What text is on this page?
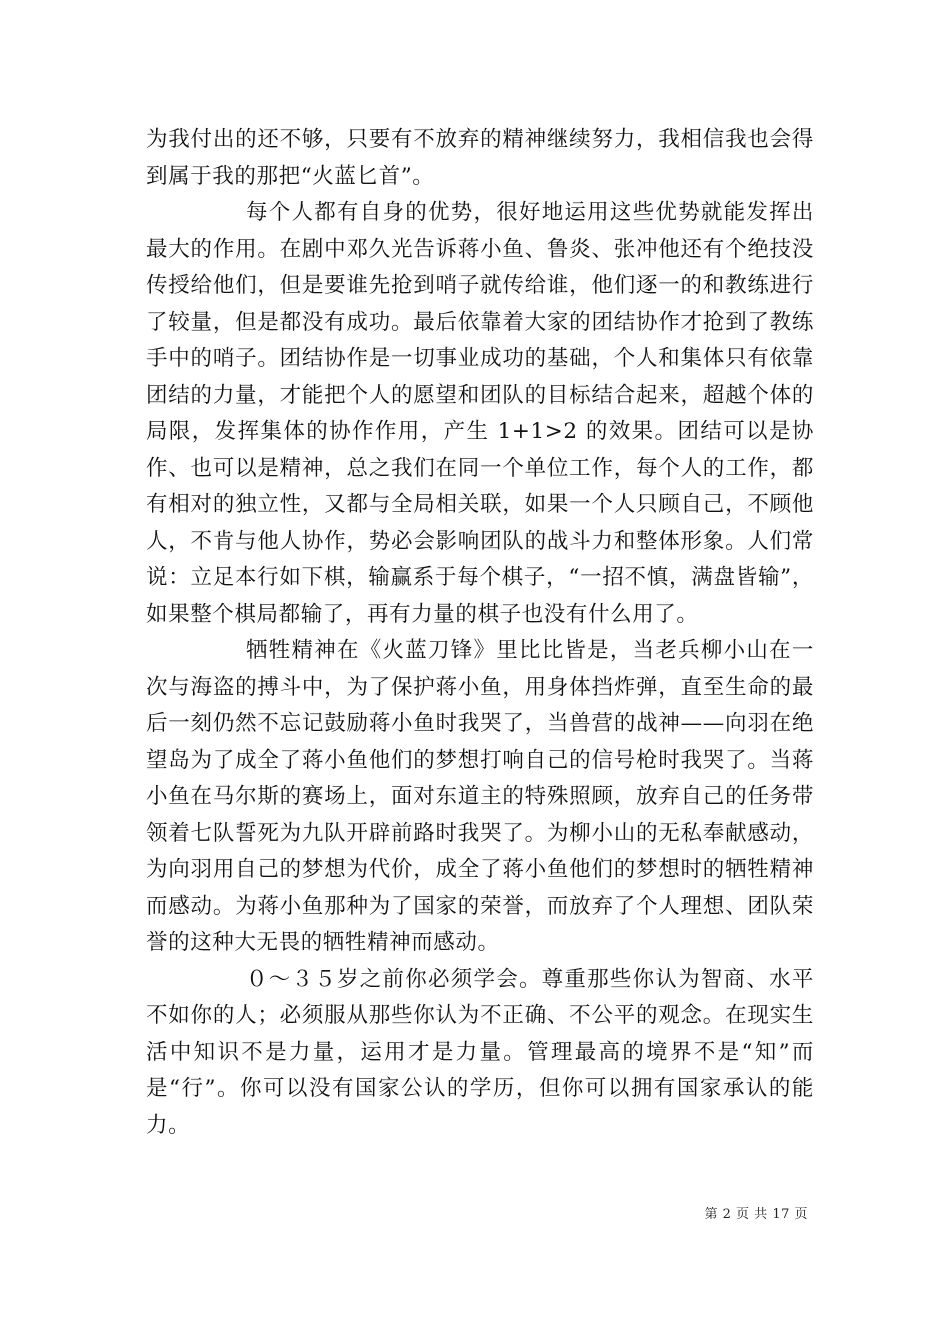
为我付出的还不够，只要有不放弃的精神继续努力，我相信我也会得到属于我的那把“火蓝匕首”。

每个人都有自身的优势，很好地运用这些优势就能发挥出最大的作用。在剧中邓久光告诉蒋小鱼、鲁炎、张冲他还有个绝技没传授给他们，但是要谁先抢到哨子就传给谁，他们逐一的和教练进行了较量，但是都没有成功。最后依靠着大家的团结协作才抢到了教练手中的哨子。团结协作是一切事业成功的基础，个人和集体只有依靠团结的力量，才能把个人的愿望和团队的目标结合起来，超越个体的局限，发挥集体的协作作用，产生 1+1>2 的效果。团结可以是协作、也可以是精神，总之我们在同一个单位工作，每个人的工作，都有相对的独立性，又都与全局相关联，如果一个人只顾自己，不顾他人，不肯与他人协作，势必会影响团队的战斗力和整体形象。人们常说：立足本行如下棋，输赢系于每个棋子，“一招不慎，满盘皆输”，如果整个棋局都输了，再有力量的棋子也没有什么用了。

牺牲精神在《火蓝刀锋》里比比皆是，当老兵柳小山在一次与海盗的搏斗中，为了保护蒋小鱼，用身体挡炸弹，直至生命的最后一刻仍然不忘记鼓励蒋小鱼时我哭了，当兽营的战神——向羽在绝望岛为了成全了蒋小鱼他们的梦想打响自己的信号枪时我哭了。当蒋小鱼在马尔斯的赛场上，面对东道主的特殊照顾，放弃自己的任务带领着七队誓死为九队开辟前路时我哭了。为柳小山的无私奉献感动，为向羽用自己的梦想为代价，成全了蒋小鱼他们的梦想时的牺牲精神而感动。为蒋小鱼那种为了国家的荣誉，而放弃了个人理想、团队荣誉的这种大无畏的牺牲精神而感动。

０～３５岁之前你必须学会。尊重那些你认为智商、水平不如你的人；必须服从那些你认为不正确、不公平的观念。在现实生活中知识不是力量，运用才是力量。管理最高的境界不是“知”而是“行”。你可以没有国家公认的学历，但你可以拥有国家承认的能力。

第 2 页 共 17 页
